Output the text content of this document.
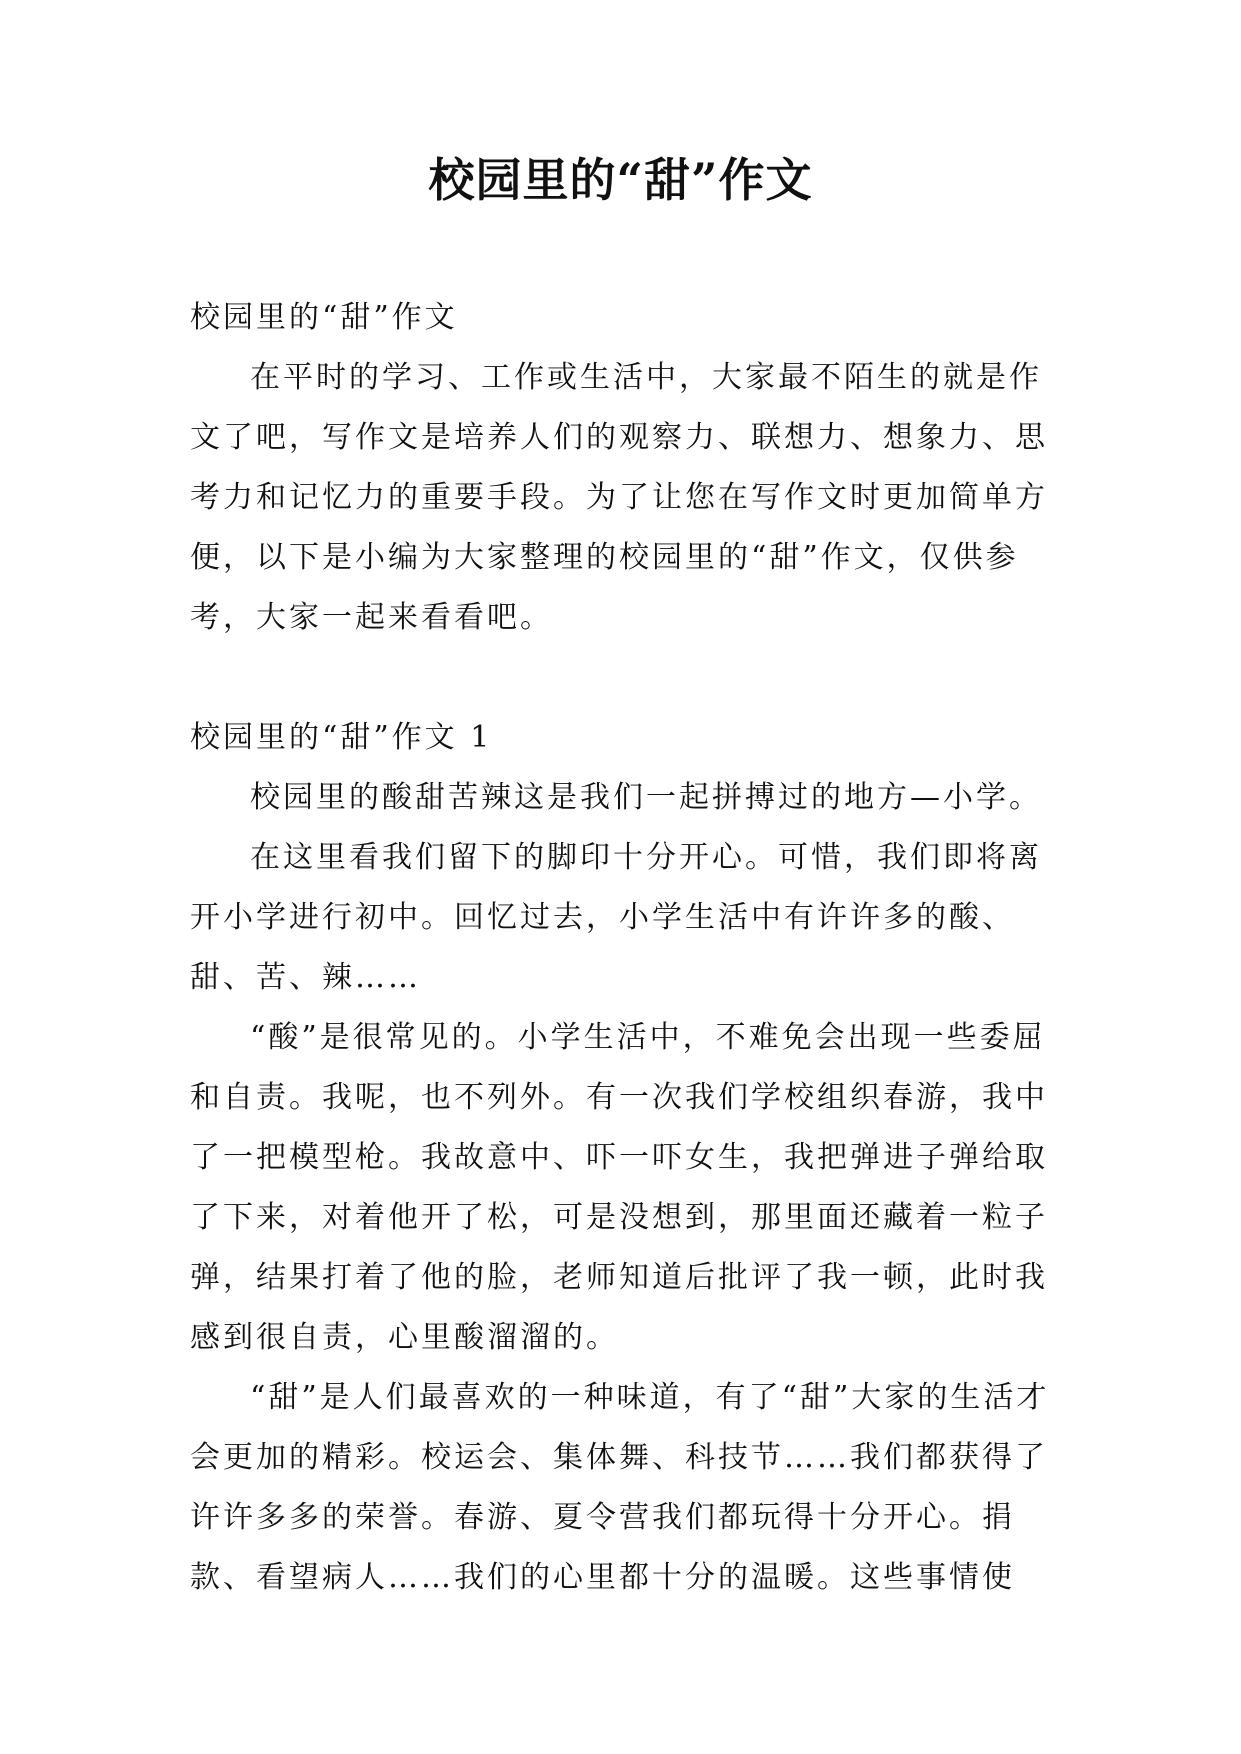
校园里的“甜”作文

校园里的“甜”作文

在平时的学习、工作或生活中，大家最不陌生的就是作文了吧，写作文是培养人们的观察力、联想力、想象力、思考力和记忆力的重要手段。为了让您在写作文时更加简单方便，以下是小编为大家整理的校园里的“甜”作文，仅供参考，大家一起来看看吧。

校园里的“甜”作文 1

校园里的酸甜苦辣这是我们一起拼搏过的地方—小学。

在这里看我们留下的脚印十分开心。可惜，我们即将离开小学进行初中。回忆过去，小学生活中有许许多的酸、甜、苦、辣……

“酸”是很常见的。小学生活中，不难免会出现一些委屈和自责。我呢，也不列外。有一次我们学校组织春游，我中了一把模型枪。我故意中、吓一吓女生，我把弹进子弹给取了下来，对着他开了松，可是没想到，那里面还藏着一粒子弹，结果打着了他的脸，老师知道后批评了我一顿，此时我感到很自责，心里酸溜溜的。

“甜”是人们最喜欢的一种味道，有了“甜”大家的生活才会更加的精彩。校运会、集体舞、科技节……我们都获得了许许多多的荣誉。春游、夏令营我们都玩得十分开心。捐款、看望病人……我们的心里都十分的温暖。这些事情使
